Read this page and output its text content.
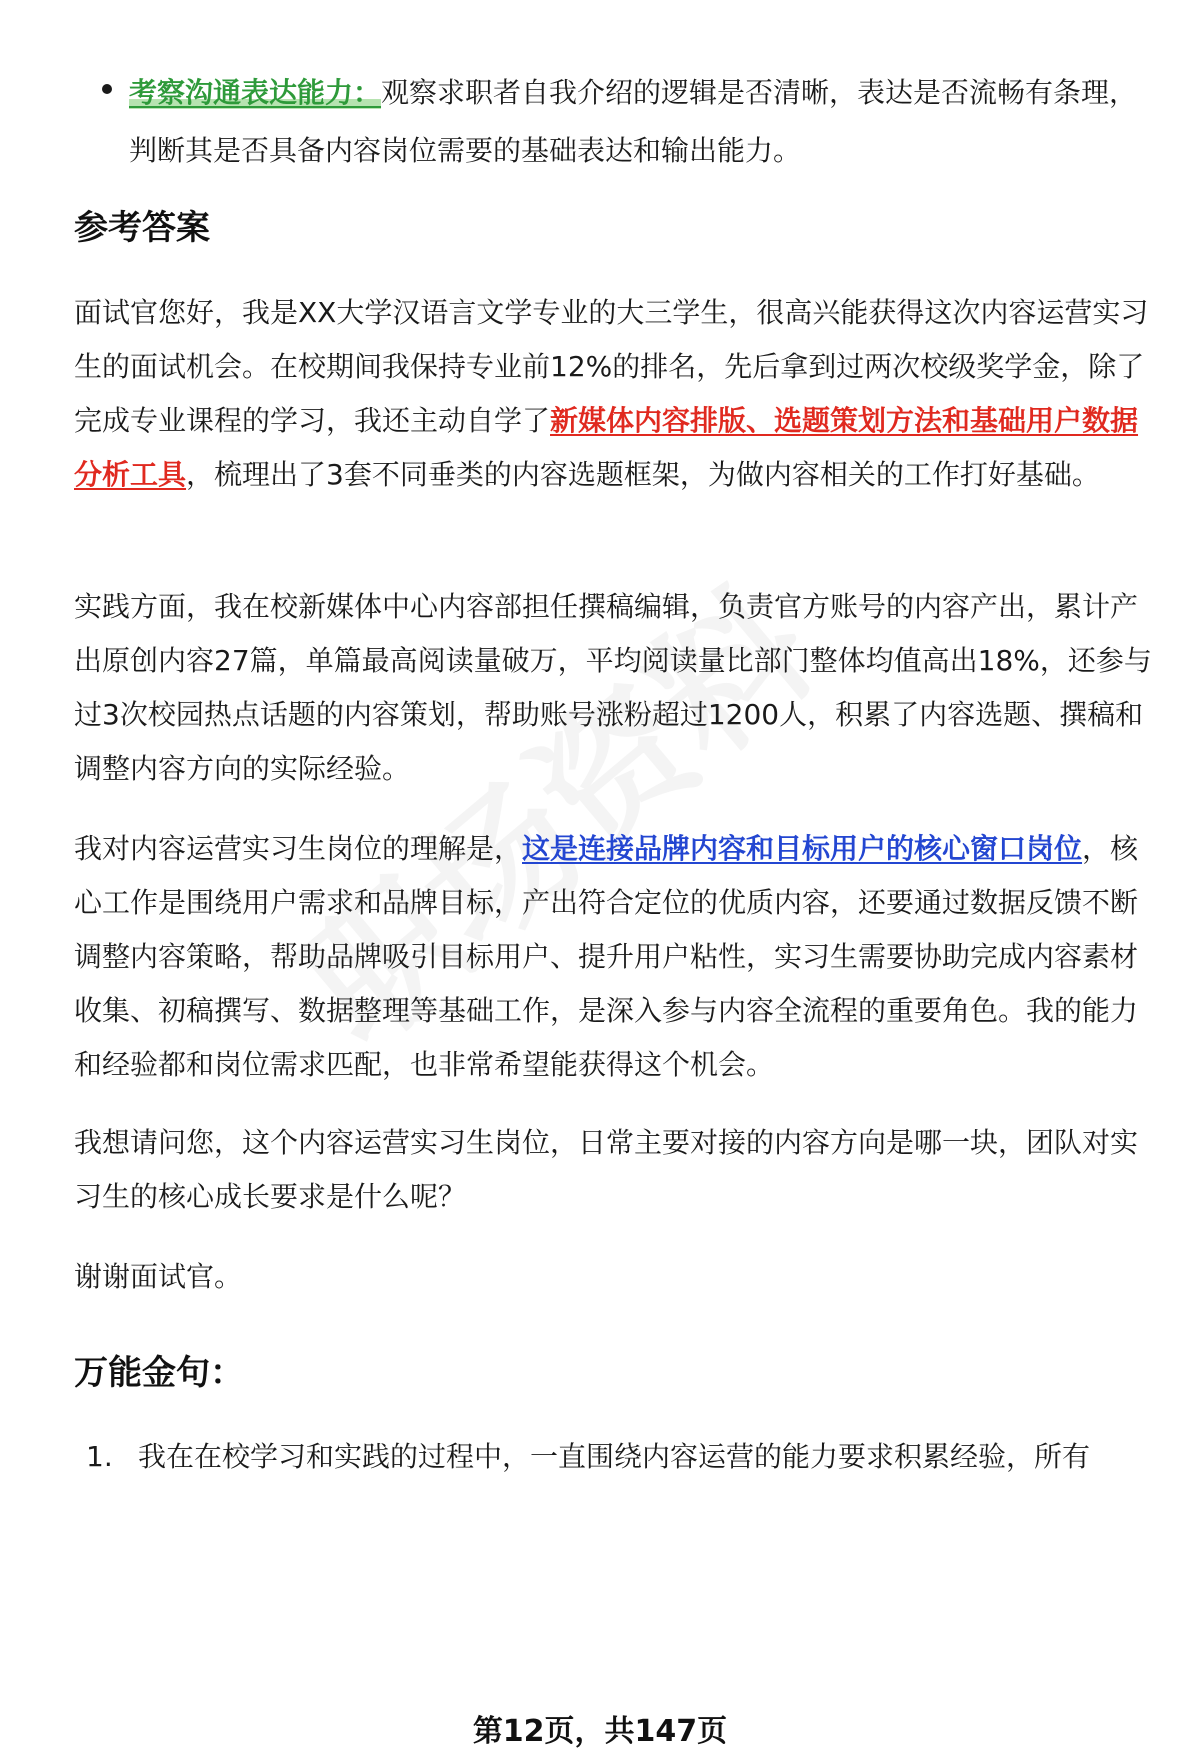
考察沟通表达能力：观察求职者自我介绍的逻辑是否清晰，表达是否流畅有条理，判断其是否具备内容岗位需要的基础表达和输出能力。
参考答案

面试官您好，我是XX大学汉语言文学专业的大三学生，很高兴能获得这次内容运营实习生的面试机会。在校期间我保持专业前12%的排名，先后拿到过两次校级奖学金，除了完成专业课程的学习，我还主动自学了新媒体内容排版、选题策划方法和基础用户数据分析工具，梳理出了3套不同垂类的内容选题框架，为做内容相关的工作打好基础。

实践方面，我在校新媒体中心内容部担任撰稿编辑，负责官方账号的内容产出，累计产出原创内容27篇，单篇最高阅读量破万，平均阅读量比部门整体均值高出18%，还参与过3次校园热点话题的内容策划，帮助账号涨粉超过1200人，积累了内容选题、撰稿和调整内容方向的实际经验。

我对内容运营实习生岗位的理解是，这是连接品牌内容和目标用户的核心窗口岗位，核心工作是围绕用户需求和品牌目标，产出符合定位的优质内容，还要通过数据反馈不断调整内容策略，帮助品牌吸引目标用户、提升用户粘性，实习生需要协助完成内容素材收集、初稿撰写、数据整理等基础工作，是深入参与内容全流程的重要角色。我的能力和经验都和岗位需求匹配，也非常希望能获得这个机会。

我想请问您，这个内容运营实习生岗位，日常主要对接的内容方向是哪一块，团队对实习生的核心成长要求是什么呢？

谢谢面试官。

万能金句：
1. 我在在校学习和实践的过程中，一直围绕内容运营的能力要求积累经验，所有
第12页，共147页
